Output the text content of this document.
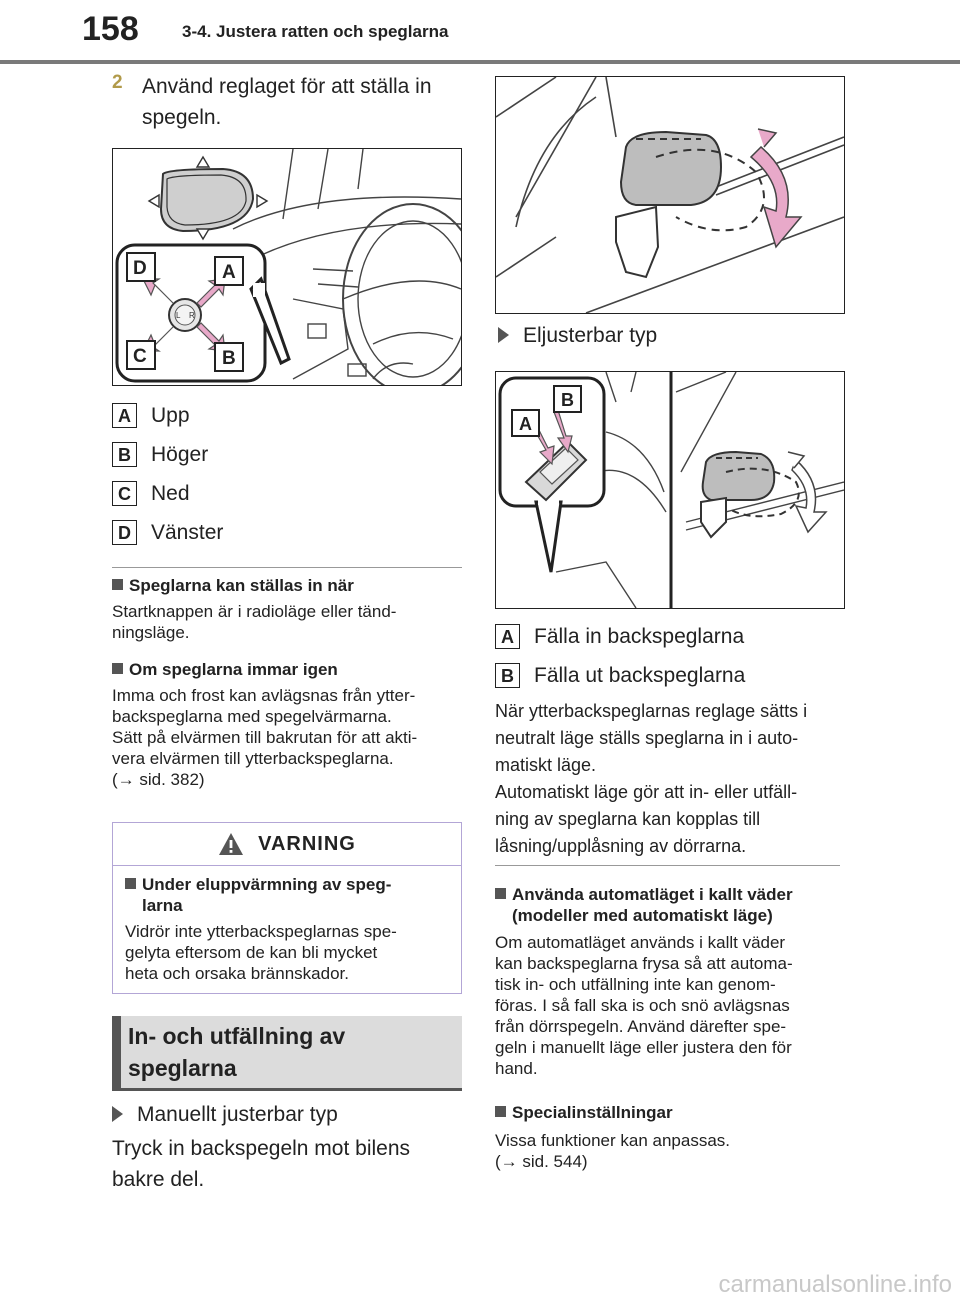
158	3-4. Justera ratten och speglarna
2 Använd reglaget för att ställa in
spegeln.
L R
D	A
C	B
A Upp
B Höger
C Ned
D Vänster
Speglarna kan ställas in när
Startknappen är i radioläge eller tänd-
ningsläge.
Om speglarna immar igen
Imma och frost kan avlägsnas från ytter-
backspeglarna med spegelvärmarna.
Sätt på elvärmen till bakrutan för att akti-
vera elvärmen till ytterbackspeglarna.
(→ sid. 382)
VARNING
Under eluppvärmning av speg-
larna
Vidrör inte ytterbackspeglarnas spe-
gelyta eftersom de kan bli mycket
heta och orsaka brännskador.
In- och utfällning av
speglarna
Manuellt justerbar typ
Tryck in backspegeln mot bilens
bakre del.
Eljusterbar typ
A
B
A Fälla in backspeglarna
B Fälla ut backspeglarna
När ytterbackspeglarnas reglage sätts i
neutralt läge ställs speglarna in i auto-
matiskt läge.
Automatiskt läge gör att in- eller utfäll-
ning av speglarna kan kopplas till
låsning/upplåsning av dörrarna.
Använda automatläget i kallt väder
(modeller med automatiskt läge)
Om automatläget används i kallt väder
kan backspeglarna frysa så att automa-
tisk in- och utfällning inte kan genom-
föras. I så fall ska is och snö avlägsnas
från dörrspegeln. Använd därefter spe-
geln i manuellt läge eller justera den för
hand.
Specialinställningar
Vissa funktioner kan anpassas.
(→ sid. 544)
carmanualsonline.info
